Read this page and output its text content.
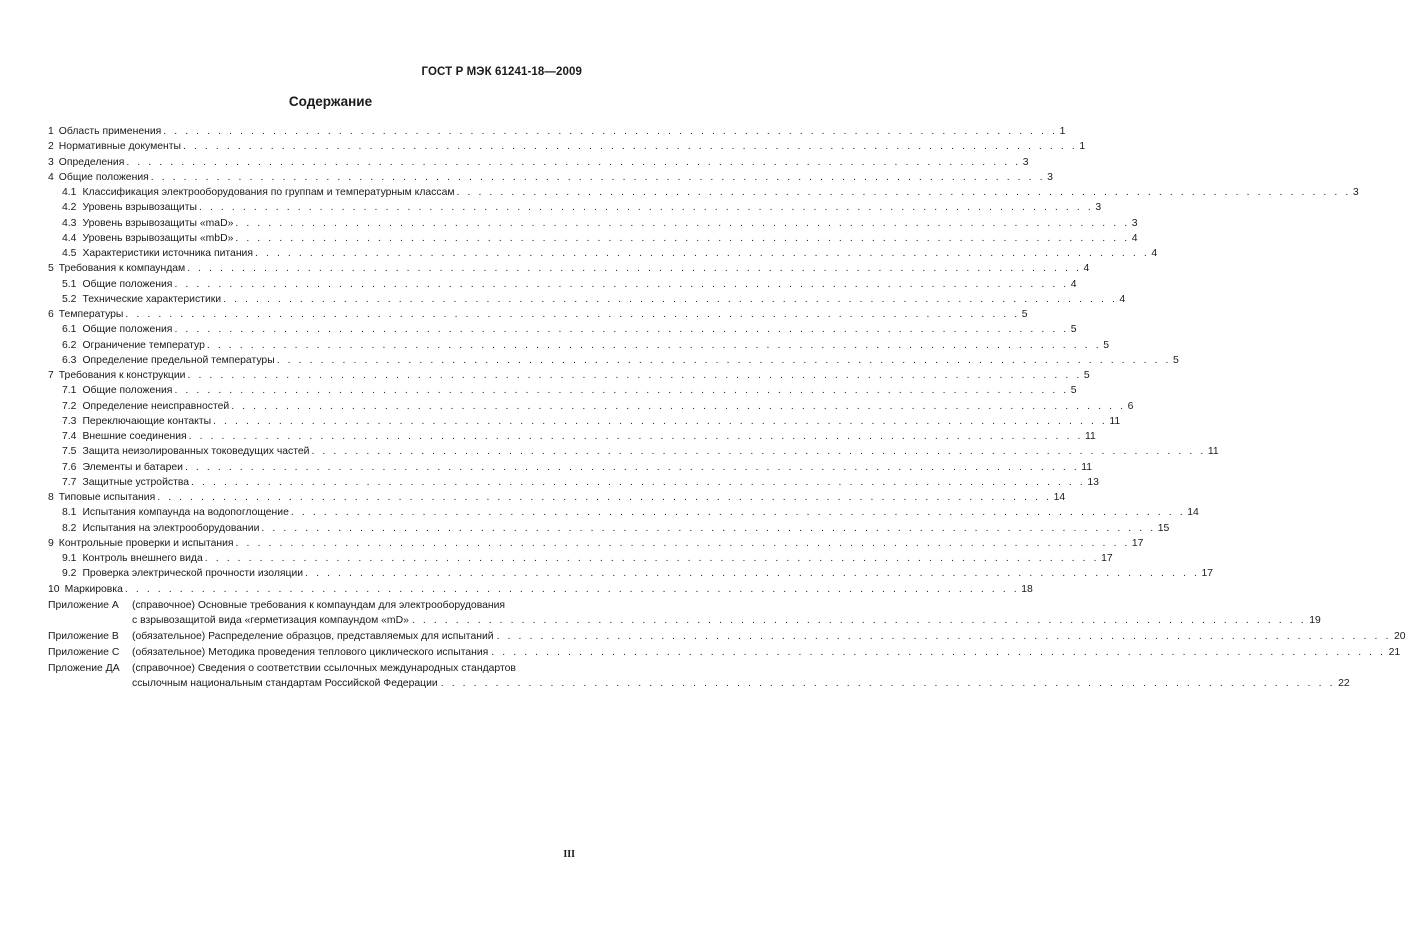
ГОСТ Р МЭК 61241-18—2009
Содержание
1 Область применения . . . . . . . . . . . . . . . . . . . . . . . . . . . . . . . . . . . . . . . . . . . . . . . . . . . . . . . . . . . . . . . . . . . . . . . . . . . . . . . . . . 1
2 Нормативные документы . . . . . . . . . . . . . . . . . . . . . . . . . . . . . . . . . . . . . . . . . . . . . . . . . . . . . . . . . . . . . . . . . . . . . . . . . . . . . . . . . . 1
3 Определения . . . . . . . . . . . . . . . . . . . . . . . . . . . . . . . . . . . . . . . . . . . . . . . . . . . . . . . . . . . . . . . . . . . . . . . . . . . . . . . . . . 3
4 Общие положения . . . . . . . . . . . . . . . . . . . . . . . . . . . . . . . . . . . . . . . . . . . . . . . . . . . . . . . . . . . . . . . . . . . . . . . . . . . . . . . . . . 3
4.1 Классификация электрооборудования по группам и температурным классам . . . . . . . . . . . . . . . . . . . . . . . . . . . . . . . . . . . . . . . . . . . . . . . . . . . . . . . . . . . . . . . . . . . . . . . . . . . . . . . . . . 3
4.2 Уровень взрывозащиты . . . . . . . . . . . . . . . . . . . . . . . . . . . . . . . . . . . . . . . . . . . . . . . . . . . . . . . . . . . . . . . . . . . . . . . . . . . . . . . . . . 3
4.3 Уровень взрывозащиты «maD» . . . . . . . . . . . . . . . . . . . . . . . . . . . . . . . . . . . . . . . . . . . . . . . . . . . . . . . . . . . . . . . . . . . . . . . . . . . . . . . . . . 3
4.4 Уровень взрывозащиты «mbD» . . . . . . . . . . . . . . . . . . . . . . . . . . . . . . . . . . . . . . . . . . . . . . . . . . . . . . . . . . . . . . . . . . . . . . . . . . . . . . . . . . 4
4.5 Характеристики источника питания . . . . . . . . . . . . . . . . . . . . . . . . . . . . . . . . . . . . . . . . . . . . . . . . . . . . . . . . . . . . . . . . . . . . . . . . . . . . . . . . . . 4
5 Требования к компаундам . . . . . . . . . . . . . . . . . . . . . . . . . . . . . . . . . . . . . . . . . . . . . . . . . . . . . . . . . . . . . . . . . . . . . . . . . . . . . . . . . . 4
5.1 Общие положения . . . . . . . . . . . . . . . . . . . . . . . . . . . . . . . . . . . . . . . . . . . . . . . . . . . . . . . . . . . . . . . . . . . . . . . . . . . . . . . . . . 4
5.2 Технические характеристики . . . . . . . . . . . . . . . . . . . . . . . . . . . . . . . . . . . . . . . . . . . . . . . . . . . . . . . . . . . . . . . . . . . . . . . . . . . . . . . . . . 4
6 Температуры . . . . . . . . . . . . . . . . . . . . . . . . . . . . . . . . . . . . . . . . . . . . . . . . . . . . . . . . . . . . . . . . . . . . . . . . . . . . . . . . . . 5
6.1 Общие положения . . . . . . . . . . . . . . . . . . . . . . . . . . . . . . . . . . . . . . . . . . . . . . . . . . . . . . . . . . . . . . . . . . . . . . . . . . . . . . . . . . 5
6.2 Ограничение температур . . . . . . . . . . . . . . . . . . . . . . . . . . . . . . . . . . . . . . . . . . . . . . . . . . . . . . . . . . . . . . . . . . . . . . . . . . . . . . . . . . 5
6.3 Определение предельной температуры . . . . . . . . . . . . . . . . . . . . . . . . . . . . . . . . . . . . . . . . . . . . . . . . . . . . . . . . . . . . . . . . . . . . . . . . . . . . . . . . . . 5
7 Требования к конструкции . . . . . . . . . . . . . . . . . . . . . . . . . . . . . . . . . . . . . . . . . . . . . . . . . . . . . . . . . . . . . . . . . . . . . . . . . . . . . . . . . . 5
7.1 Общие положения . . . . . . . . . . . . . . . . . . . . . . . . . . . . . . . . . . . . . . . . . . . . . . . . . . . . . . . . . . . . . . . . . . . . . . . . . . . . . . . . . . 5
7.2 Определение неисправностей . . . . . . . . . . . . . . . . . . . . . . . . . . . . . . . . . . . . . . . . . . . . . . . . . . . . . . . . . . . . . . . . . . . . . . . . . . . . . . . . . . 6
7.3 Переключающие контакты . . . . . . . . . . . . . . . . . . . . . . . . . . . . . . . . . . . . . . . . . . . . . . . . . . . . . . . . . . . . . . . . . . . . . . . . . . . . . . . . . . 11
7.4 Внешние соединения . . . . . . . . . . . . . . . . . . . . . . . . . . . . . . . . . . . . . . . . . . . . . . . . . . . . . . . . . . . . . . . . . . . . . . . . . . . . . . . . . . 11
7.5 Защита неизолированных токоведущих частей . . . . . . . . . . . . . . . . . . . . . . . . . . . . . . . . . . . . . . . . . . . . . . . . . . . . . . . . . . . . . . . . . . . . . . . . . . . . . . . . . . 11
7.6 Элементы и батареи . . . . . . . . . . . . . . . . . . . . . . . . . . . . . . . . . . . . . . . . . . . . . . . . . . . . . . . . . . . . . . . . . . . . . . . . . . . . . . . . . . 11
7.7 Защитные устройства . . . . . . . . . . . . . . . . . . . . . . . . . . . . . . . . . . . . . . . . . . . . . . . . . . . . . . . . . . . . . . . . . . . . . . . . . . . . . . . . . . 13
8 Типовые испытания . . . . . . . . . . . . . . . . . . . . . . . . . . . . . . . . . . . . . . . . . . . . . . . . . . . . . . . . . . . . . . . . . . . . . . . . . . . . . . . . . . 14
8.1 Испытания компаунда на водопоглощение . . . . . . . . . . . . . . . . . . . . . . . . . . . . . . . . . . . . . . . . . . . . . . . . . . . . . . . . . . . . . . . . . . . . . . . . . . . . . . . . . . 14
8.2 Испытания на электрооборудовании . . . . . . . . . . . . . . . . . . . . . . . . . . . . . . . . . . . . . . . . . . . . . . . . . . . . . . . . . . . . . . . . . . . . . . . . . . . . . . . . . . 15
9 Контрольные проверки и испытания . . . . . . . . . . . . . . . . . . . . . . . . . . . . . . . . . . . . . . . . . . . . . . . . . . . . . . . . . . . . . . . . . . . . . . . . . . . . . . . . . . 17
9.1 Контроль внешнего вида . . . . . . . . . . . . . . . . . . . . . . . . . . . . . . . . . . . . . . . . . . . . . . . . . . . . . . . . . . . . . . . . . . . . . . . . . . . . . . . . . . 17
9.2 Проверка электрической прочности изоляции . . . . . . . . . . . . . . . . . . . . . . . . . . . . . . . . . . . . . . . . . . . . . . . . . . . . . . . . . . . . . . . . . . . . . . . . . . . . . . . . . . 17
10 Маркировка . . . . . . . . . . . . . . . . . . . . . . . . . . . . . . . . . . . . . . . . . . . . . . . . . . . . . . . . . . . . . . . . . . . . . . . . . . . . . . . . . . 18
Приложение А	(справочное) Основные требования к компаундам для электрооборудования
с взрывозащитой вида «герметизация компаундом «mD» . . . . . . . . . . . . . . . . . . . . . . . . . . . . . . . . . . . . . . . . . . . . . . . . . . . . . . . . . . . . . . . . . . . . . . . . . . . . . . . . . . 19
Приложение В	(обязательное) Распределение образцов, представляемых для испытаний . . . . . . . . . . . . . . . . . . . . . . . . . . . . . . . . . . . . . . . . . . . . . . . . . . . . . . . . . . . . . . . . . . . . . . . . . . . . . . . . . . 20
Приложение С	(обязательное) Методика проведения теплового циклического испытания . . . . . . . . . . . . . . . . . . . . . . . . . . . . . . . . . . . . . . . . . . . . . . . . . . . . . . . . . . . . . . . . . . . . . . . . . . . . . . . . . . 21
Прложение ДА	(справочное) Сведения о соответствии ссылочных международных стандартов
ссылочным национальным стандартам Российской Федерации . . . . . . . . . . . . . . . . . . . . . . . . . . . . . . . . . . . . . . . . . . . . . . . . . . . . . . . . . . . . . . . . . . . . . . . . . . . . . . . . . . 22
III
